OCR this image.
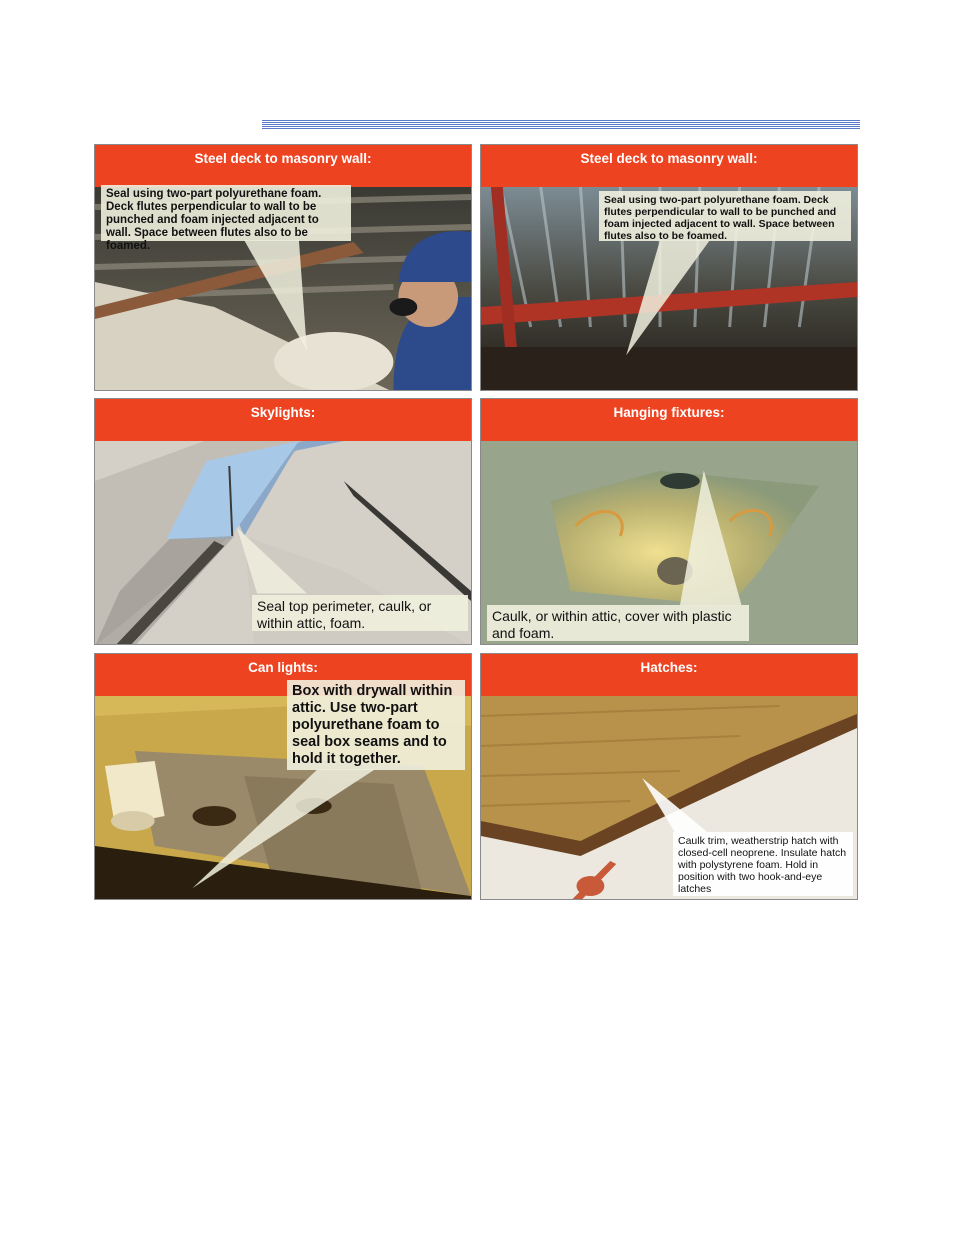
Steel deck to masonry wall:
Seal using two-part polyurethane foam. Deck flutes perpendicular to wall to be punched and foam injected adjacent to wall. Space between flutes also to be foamed.
Steel deck to masonry wall:
Seal using two-part polyurethane foam. Deck flutes perpendicular to wall to be punched and foam injected adjacent to wall. Space between flutes also to be foamed.
Skylights:
Seal top perimeter, caulk, or within attic, foam.
Hanging fixtures:
Caulk, or within attic, cover with plastic and foam.
Can lights:
Box with drywall within attic. Use two-part polyurethane foam to seal box seams and to hold it together.
Hatches:
Caulk trim, weatherstrip hatch with closed-cell neoprene. Insulate hatch with polystyrene foam. Hold in position with two hook-and-eye latches
